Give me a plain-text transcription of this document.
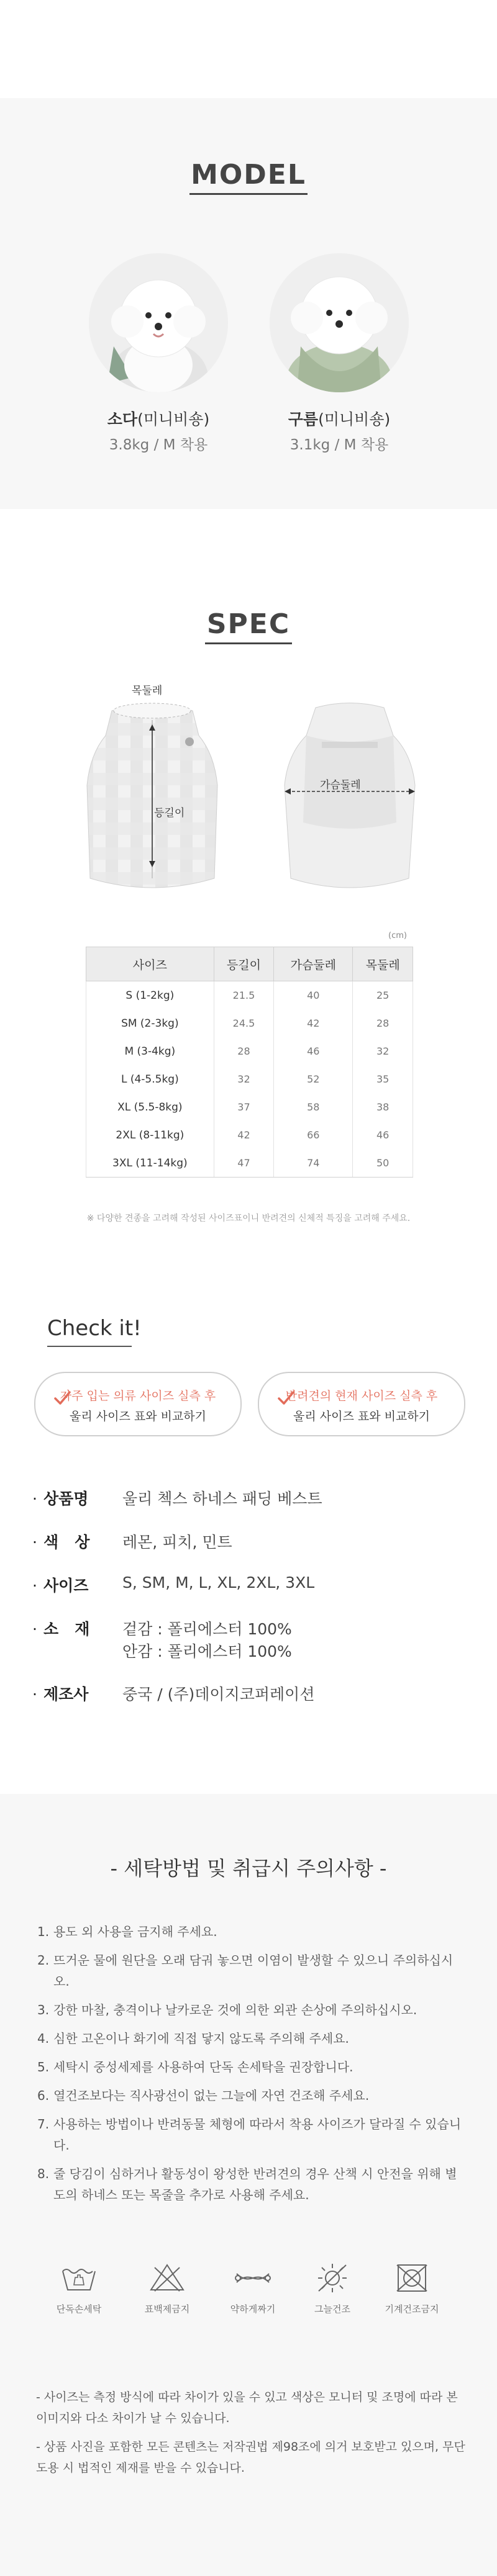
MODEL
소다(미니비숑)
3.8kg / M 착용
구름(미니비숑)
3.1kg / M 착용
SPEC
목둘레
등길이
가슴둘레
(cm)
사이즈	등길이	가슴둘레	목둘레
S (1-2kg)	21.5	40	25
SM (2-3kg)	24.5	42	28
M (3-4kg)	28	46	32
L (4-5.5kg)	32	52	35
XL (5.5-8kg)	37	58	38
2XL (8-11kg)	42	66	46
3XL (11-14kg)	47	74	50
※ 다양한 견종을 고려해 작성된 사이즈표이니 반려견의 신체적 특징을 고려해 주세요.
Check it!
자주 입는 의류 사이즈 실측 후
울리 사이즈 표와 비교하기
반려견의 현재 사이즈 실측 후
울리 사이즈 표와 비교하기
· 상품명 울리 첵스 하네스 패딩 베스트
· 색   상 레몬, 피치, 민트
· 사이즈 S, SM, M, L, XL, 2XL, 3XL
· 소   재 겉감 : 폴리에스터 100%
안감 : 폴리에스터 100%
· 제조사 중국 / (주)데이지코퍼레이션
- 세탁방법 및 취급시 주의사항 -
1. 용도 외 사용을 금지해 주세요.
2. 뜨거운 물에 원단을 오래 담궈 놓으면 이염이 발생할 수 있으니 주의하십시오.
3. 강한 마찰, 충격이나 날카로운 것에 의한 외관 손상에 주의하십시오.
4. 심한 고온이나 화기에 직접 닿지 않도록 주의해 주세요.
5. 세탁시 중성세제를 사용하여 단독 손세탁을 권장합니다.
6. 열건조보다는 직사광선이 없는 그늘에 자연 건조해 주세요.
7. 사용하는 방법이나 반려동물 체형에 따라서 착용 사이즈가 달라질 수 있습니다.
8. 줄 당김이 심하거나 활동성이 왕성한 반려견의 경우 산책 시 안전을 위해 별도의 하네스 또는 목줄을 추가로 사용해 주세요.
단독손세탁	표백제금지	약하게짜기	그늘건조	기계건조금지
- 사이즈는 측정 방식에 따라 차이가 있을 수 있고 색상은 모니터 및 조명에 따라 본 이미지와 다소 차이가 날 수 있습니다.
- 상품 사진을 포함한 모든 콘텐츠는 저작권법 제98조에 의거 보호받고 있으며, 무단 도용 시 법적인 제재를 받을 수 있습니다.
